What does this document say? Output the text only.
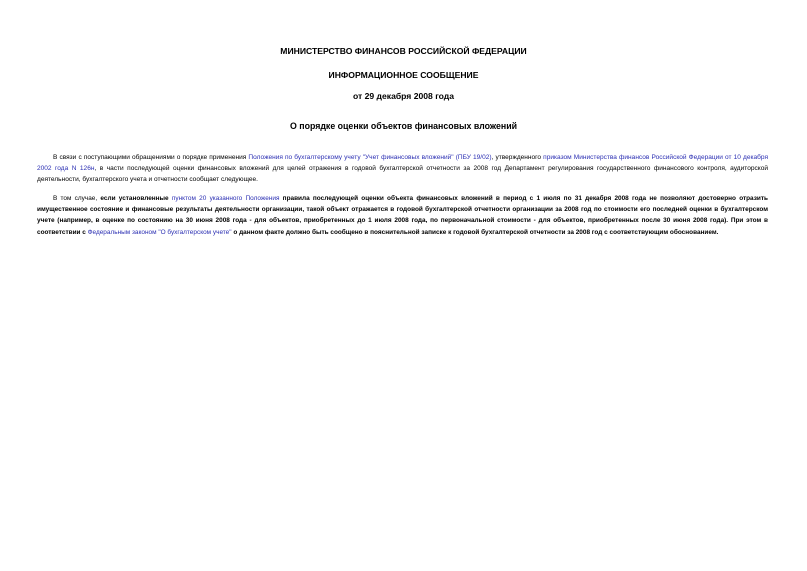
МИНИСТЕРСТВО ФИНАНСОВ РОССИЙСКОЙ ФЕДЕРАЦИИ
ИНФОРМАЦИОННОЕ СООБЩЕНИЕ
от 29 декабря 2008 года
О порядке оценки объектов финансовых вложений
В связи с поступающими обращениями о порядке применения Положения по бухгалтерскому учету "Учет финансовых вложений" (ПБУ 19/02), утвержденного приказом Министерства финансов Российской Федерации от 10 декабря 2002 года N 126н, в части последующей оценки финансовых вложений для целей отражения в годовой бухгалтерской отчетности за 2008 год Департамент регулирования государственного финансового контроля, аудиторской деятельности, бухгалтерского учета и отчетности сообщает следующее.
В том случае, если установленные пунктом 20 указанного Положения правила последующей оценки объекта финансовых вложений в период с 1 июля по 31 декабря 2008 года не позволяют достоверно отразить имущественное состояние и финансовые результаты деятельности организации, такой объект отражается в годовой бухгалтерской отчетности организации за 2008 год по стоимости его последней оценки в бухгалтерском учете (например, в оценке по состоянию на 30 июня 2008 года - для объектов, приобретенных до 1 июля 2008 года, по первоначальной стоимости - для объектов, приобретенных после 30 июня 2008 года). При этом в соответствии с Федеральным законом "О бухгалтерском учете" о данном факте должно быть сообщено в пояснительной записке к годовой бухгалтерской отчетности за 2008 год с соответствующим обоснованием.
